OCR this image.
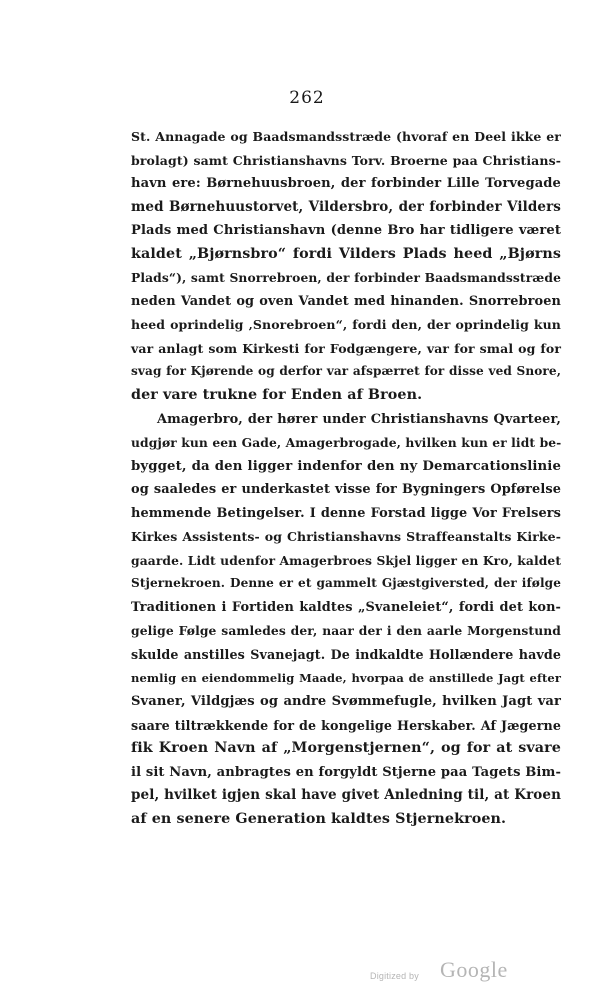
262
St. Annagade og Baadsmandsstræde (hvoraf en Deel ikke er
brolagt) samt Christianshavns Torv. Broerne paa Christians-
havn ere: Børnehuusbroen, der forbinder Lille Torvegade
med Børnehuustorvet, Vildersbro, der forbinder Vilders
Plads med Christianshavn (denne Bro har tidligere været
kaldet „Bjørnsbro“ fordi Vilders Plads heed „Bjørns
Plads“), samt Snorrebroen, der forbinder Baadsmandsstræde
neden Vandet og oven Vandet med hinanden. Snorrebroen
heed oprindelig ‚Snorebroen“, fordi den, der oprindelig kun
var anlagt som Kirkesti for Fodgængere, var for smal og for
svag for Kjørende og derfor var afspærret for disse ved Snore,
der vare trukne for Enden af Broen.
Amagerbro, der hører under Christianshavns Qvarteer,
udgjør kun een Gade, Amagerbrogade, hvilken kun er lidt be-
bygget, da den ligger indenfor den ny Demarcationslinie
og saaledes er underkastet visse for Bygningers Opførelse
hemmende Betingelser. I denne Forstad ligge Vor Frelsers
Kirkes Assistents- og Christianshavns Straffeanstalts Kirke-
gaarde. Lidt udenfor Amagerbroes Skjel ligger en Kro, kaldet
Stjernekroen. Denne er et gammelt Gjæstgiversted, der ifølge
Traditionen i Fortiden kaldtes „Svaneleiet“, fordi det kon-
gelige Følge samledes der, naar der i den aarle Morgenstund
skulde anstilles Svanejagt. De indkaldte Hollændere havde
nemlig en eiendommelig Maade, hvorpaa de anstillede Jagt efter
Svaner, Vildgjæs og andre Svømmefugle, hvilken Jagt var
saare tiltrækkende for de kongelige Herskaber. Af Jægerne
fik Kroen Navn af „Morgenstjernen“, og for at svare
il sit Navn, anbragtes en forgyldt Stjerne paa Tagets Bim-
pel, hvilket igjen skal have givet Anledning til, at Kroen
af en senere Generation kaldtes Stjernekroen.
Digitized by Google
